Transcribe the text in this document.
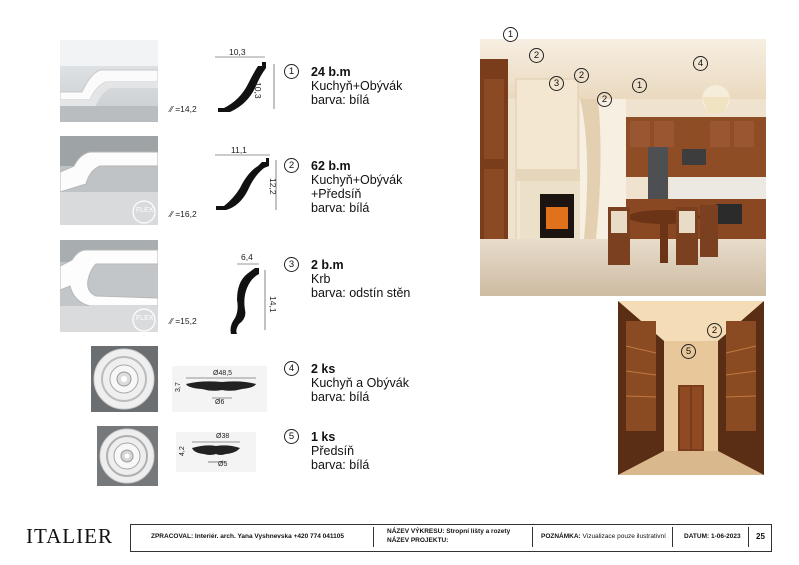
FLEX
FLEX
⁄⁄ =14,2
⁄⁄ =16,2
⁄⁄ =15,2
10,3
10,3
11,1
12,2
6,4
14,1
Ø48,5
3,7
Ø6
Ø38
4,2
Ø5
1	24 b.m
Kuchyň+Obývák
barva: bílá
2	62 b.m
Kuchyň+Obývák
+Předsíň
barva: bílá
3	2 b.m
Krb
barva: odstín stěn
4	2 ks
Kuchyň a Obývák
barva: bílá
5	1 ks
Předsíň
barva: bílá
1
2
3
2
2
1
4
2
5
ITALIER	ZPRACOVAL: Interiér. arch. Yana Vyshnevska +420 774 041105
NÁZEV VÝKRESU: Stropní lišty a rozety
NÁZEV PROJEKTU:
POZNÁMKA: Vizualizace pouze ilustrativní	DATUM: 1-06-2023 25
